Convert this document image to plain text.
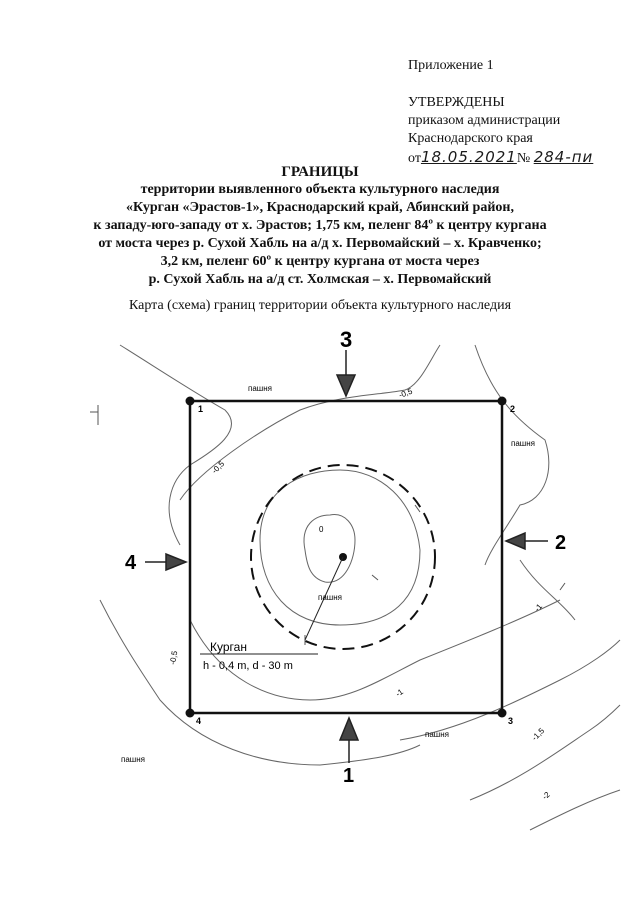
Приложение 1
УТВЕРЖДЕНЫ
приказом администрации
Краснодарского края
от18.05.2021№ 284-пи
ГРАНИЦЫ
территории выявленного объекта культурного наследия
«Курган «Эрастов-1», Краснодарский край, Абинский район,
к западу-юго-западу от х. Эрастов; 1,75 км, пеленг 84º к центру кургана
от моста через р. Сухой Хабль на а/д х. Первомайский – х. Кравченко;
3,2 км, пеленг 60º к центру кургана от моста через
р. Сухой Хабль на а/д ст. Холмская – х. Первомайский
Карта (схема) границ территории объекта культурного наследия
1	2
3
4
Курган
h - 0,4 m, d - 30 m
пашня
пашня
пашня
пашня
пашня
-0,5
-0,5
-0,5
0
-1
-1
-1,5
-2
3
2
1
4
